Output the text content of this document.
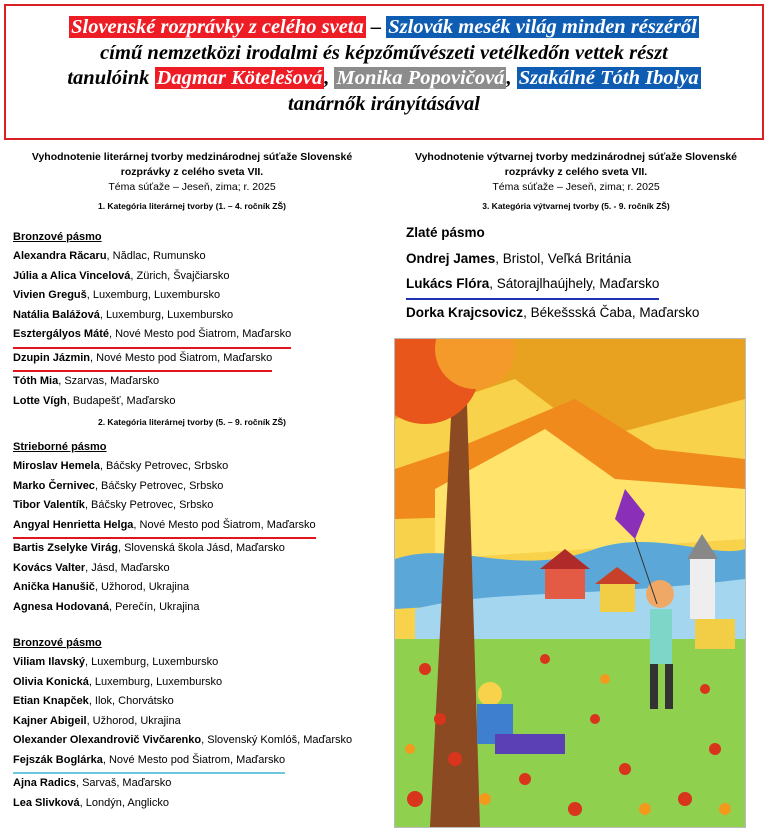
Slovenské rozprávky z celého sveta – Szlovák mesék világ minden részéről
című nemzetközi irodalmi és képzőművészeti vetélkedőn vettek részt
tanulóink Dagmar Kötelešová, Monika Popovičová, Szakálné Tóth Ibolya
tanárnők irányításával
Vyhodnotenie literárnej tvorby medzinárodnej súťaže Slovenské
rozprávky z celého sveta VII.
Téma súťaže – Jeseň, zima; r. 2025
1. Kategória literárnej tvorby (1. – 4. ročník ZŠ)
Bronzové pásmo
Alexandra Răcaru, Nădlac, Rumunsko
Júlia a Alica Vincelová, Zürich, Švajčiarsko
Vivien Greguš, Luxemburg, Luxembursko
Natália Balážová, Luxemburg, Luxembursko
Esztergályos Máté, Nové Mesto pod Šiatrom, Maďarsko
Dzupin Jázmin, Nové Mesto pod Šiatrom, Maďarsko
Tóth Mia, Szarvas, Maďarsko
Lotte Vígh, Budapešť, Maďarsko
2. Kategória literárnej tvorby (5. – 9. ročník ZŠ)
Strieborné pásmo
Miroslav Hemela, Báčsky Petrovec, Srbsko
Marko Černivec, Báčsky Petrovec, Srbsko
Tibor Valentík, Báčsky Petrovec, Srbsko
Angyal Henrietta Helga, Nové Mesto pod Šiatrom, Maďarsko
Bartis Zselyke Virág, Slovenská škola Jásd, Maďarsko
Kovács Valter, Jásd, Maďarsko
Anička Hanušič, Užhorod, Ukrajina
Agnesa Hodovaná, Perečín, Ukrajina
Bronzové pásmo
Viliam Ilavský, Luxemburg, Luxembursko
Olivia Konická, Luxemburg, Luxembursko
Etian Knapček, Ilok, Chorvátsko
Kajner Abigeil, Užhorod, Ukrajina
Olexander Olexandrovič Vivčarenko, Slovenský Komlóš, Maďarsko
Fejszák Boglárka, Nové Mesto pod Šiatrom, Maďarsko
Ajna Radics, Sarvaš, Maďarsko
Lea Slivková, Londýn, Anglicko
Vyhodnotenie výtvarnej tvorby medzinárodnej súťaže Slovenské
rozprávky z celého sveta VII.
Téma súťaže – Jeseň, zima; r. 2025
3. Kategória výtvarnej tvorby (5. - 9. ročník ZŠ)
Zlaté pásmo
Ondrej James, Bristol, Veľká Británia
Lukács Flóra, Sátorajlhaújhely, Maďarsko
Dorka Krajcsovicz, Békešsská Čaba, Maďarsko
